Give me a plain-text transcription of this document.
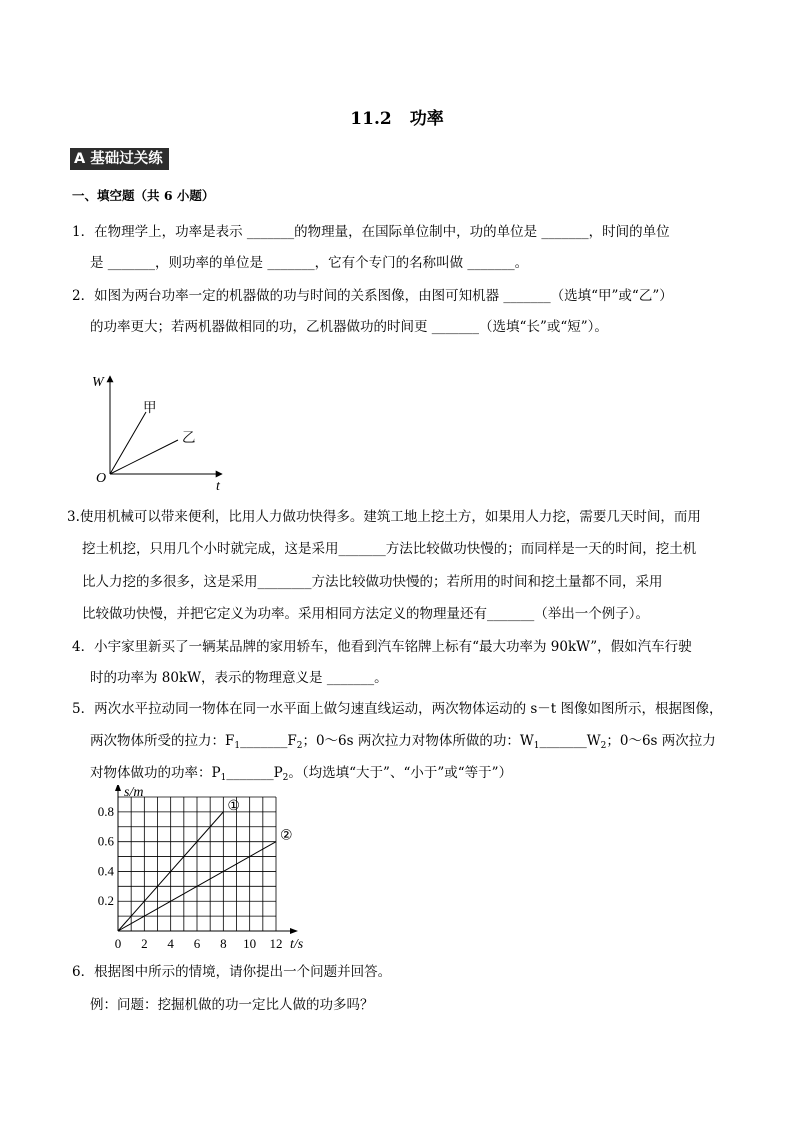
11.2 功率
A 基础过关练
一、填空题（共 6 小题）
1．在物理学上，功率是表示 _______的物理量，在国际单位制中，功的单位是 _______，时间的单位
是 _______，则功率的单位是 _______，它有个专门的名称叫做 _______。
2．如图为两台功率一定的机器做的功与时间的关系图像，由图可知机器 _______（选填“甲”或“乙”）
的功率更大；若两机器做相同的功，乙机器做功的时间更 _______（选填“长”或“短”）。
W
t
O
甲
乙
3.使用机械可以带来便利，比用人力做功快得多。建筑工地上挖土方，如果用人力挖，需要几天时间，而用
挖土机挖，只用几个小时就完成，这是采用_______方法比较做功快慢的；而同样是一天的时间，挖土机
比人力挖的多很多，这是采用________方法比较做功快慢的；若所用的时间和挖土量都不同，采用
比较做功快慢，并把它定义为功率。采用相同方法定义的物理量还有_______（举出一个例子）。
4．小宇家里新买了一辆某品牌的家用轿车，他看到汽车铭牌上标有“最大功率为 90kW”，假如汽车行驶
时的功率为 80kW，表示的物理意义是 _______。
5．两次水平拉动同一物体在同一水平面上做匀速直线运动，两次物体运动的 s－t 图像如图所示，根据图像，
两次物体所受的拉力：$F_1\_\_\_\_\_\_\_F_2$；0～6s 两次拉力对物体所做的功：$W_1\_\_\_\_\_\_\_W_2$；0～6s 两次拉力
对物体做功的功率：$P_1\_\_\_\_\_\_\_P_2$。（均选填“大于”、“小于”或“等于”）
①
②
0 2 4 6 8 10 12
0.2
0.4
0.6
0.8
t/s
s/m
6．根据图中所示的情境，请你提出一个问题并回答。
例：问题：挖掘机做的功一定比人做的功多吗？
